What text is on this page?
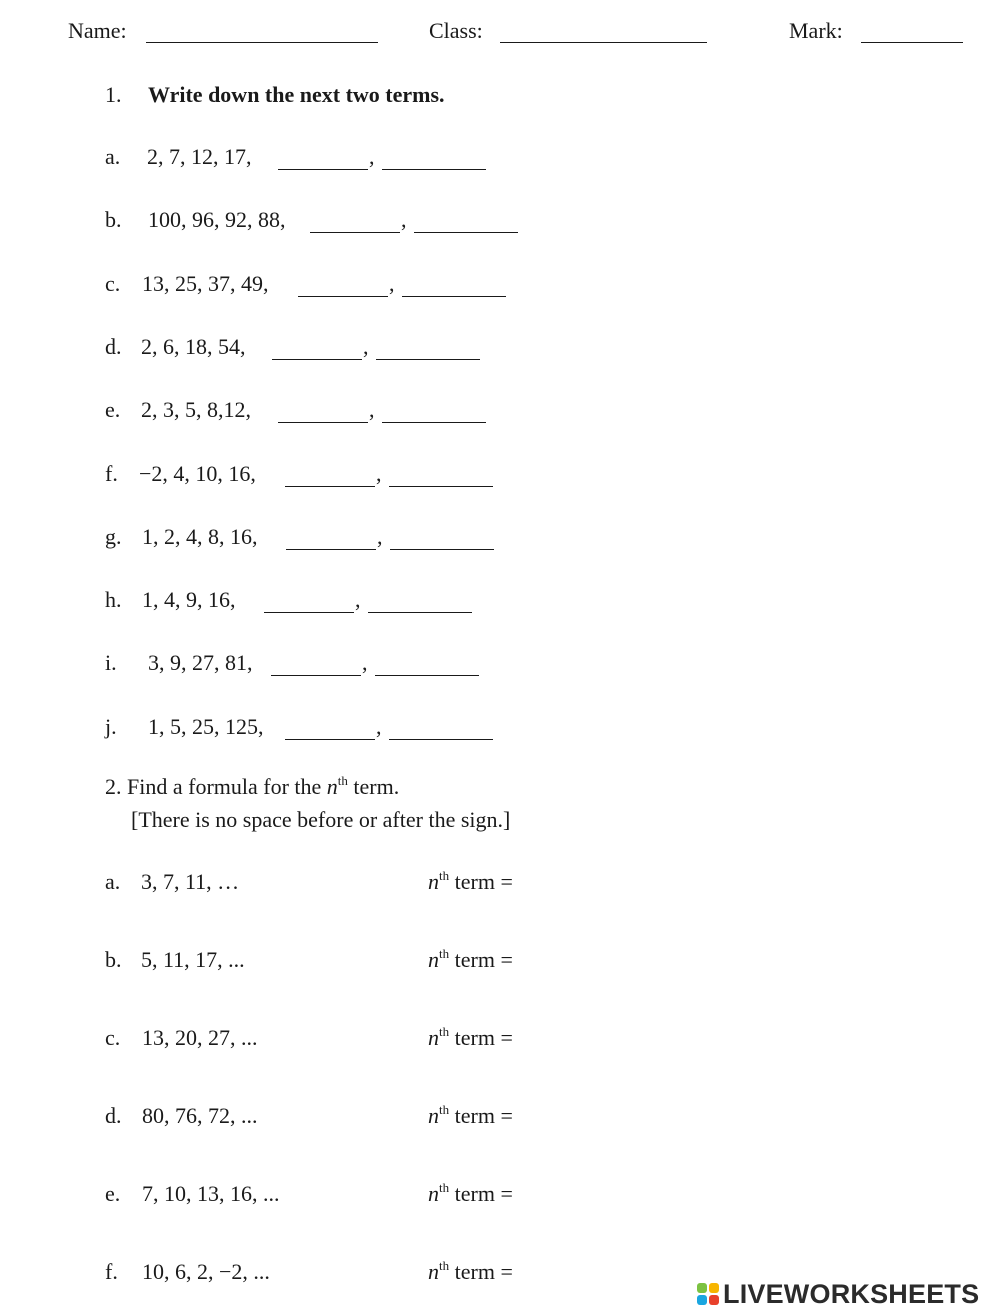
Name:	Class:	Mark:
1. Write down the next two terms.
a. 2, 7, 12, 17,	,
b. 100, 96, 92, 88,	,
c. 13, 25, 37, 49,	,
d. 2, 6, 18, 54,	,
e. 2, 3, 5, 8,12,	,
f. −2, 4, 10, 16,	,
g. 1, 2, 4, 8, 16,	,
h. 1, 4, 9, 16,	,
i. 3, 9, 27, 81,	,
j. 1, 5, 25, 125,	,
2. Find a formula for the $n^{th}$ term.
[There is no space before or after the sign.]
a. 3, 7, 11, …	$n^{th}$ term =
b. 5, 11, 17, ...	$n^{th}$ term =
c. 13, 20, 27, ...	$n^{th}$ term =
d. 80, 76, 72, ...	$n^{th}$ term =
e. 7, 10, 13, 16, ...	$n^{th}$ term =
f. 10, 6, 2, −2, ...	$n^{th}$ term =
LIVEWORKSHEETS
